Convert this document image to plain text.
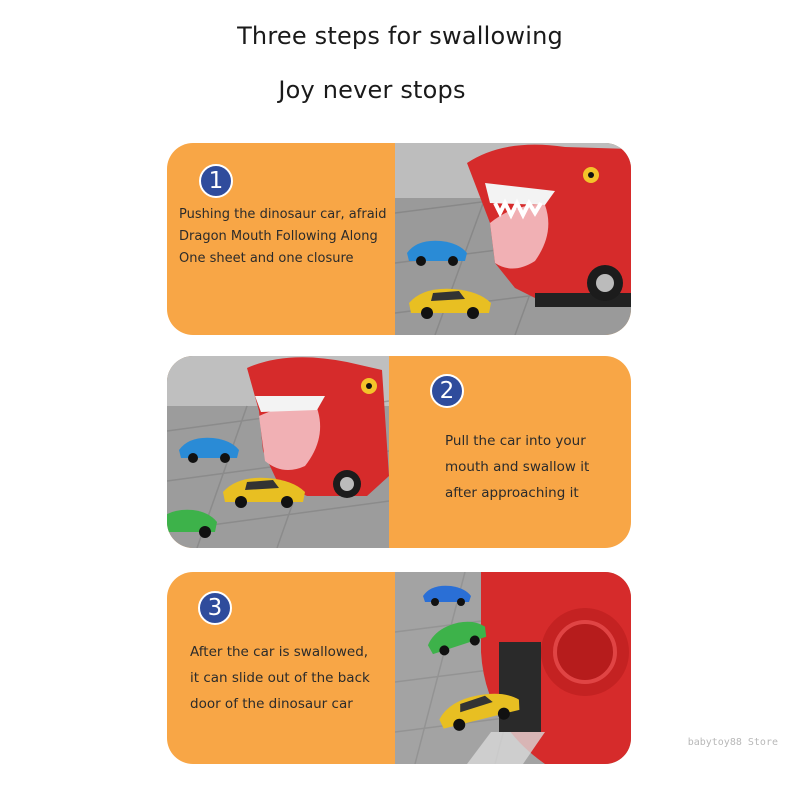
Three steps for swallowing
Joy never stops
1
Pushing the dinosaur car, afraid
Dragon Mouth Following Along
One sheet and one closure
2
Pull the car into your
mouth and swallow it
after approaching it
3
After the car is swallowed,
it can slide out of the back
door of the dinosaur car
babytoy88 Store
